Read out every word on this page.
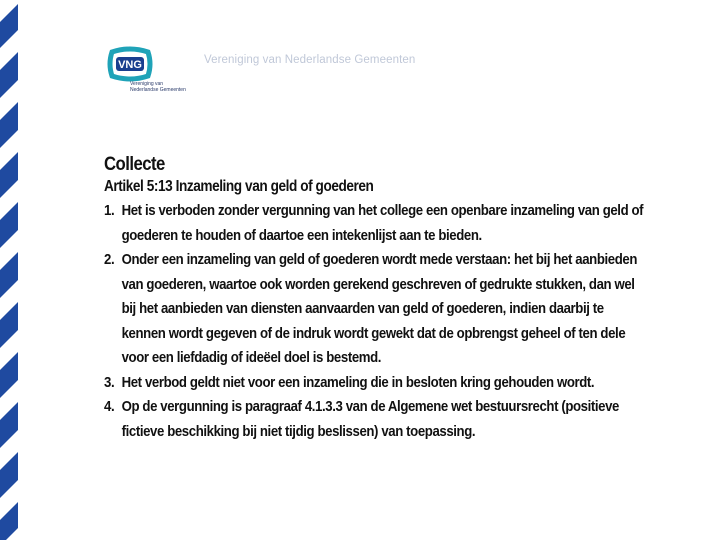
VNG
Vereniging van
Nederlandse Gemeenten
Vereniging van Nederlandse Gemeenten
Collecte
Artikel 5:13 Inzameling van geld of goederen
1. Het is verboden zonder vergunning van het college een openbare inzameling van geld of
goederen te houden of daartoe een intekenlijst aan te bieden.
2. Onder een inzameling van geld of goederen wordt mede verstaan: het bij het aanbieden
van goederen, waartoe ook worden gerekend geschreven of gedrukte stukken, dan wel
bij het aanbieden van diensten aanvaarden van geld of goederen, indien daarbij te
kennen wordt gegeven of de indruk wordt gewekt dat de opbrengst geheel of ten dele
voor een liefdadig of ideëel doel is bestemd.
3. Het verbod geldt niet voor een inzameling die in besloten kring gehouden wordt.
4. Op de vergunning is paragraaf 4.1.3.3 van de Algemene wet bestuursrecht (positieve
fictieve beschikking bij niet tijdig beslissen) van toepassing.
